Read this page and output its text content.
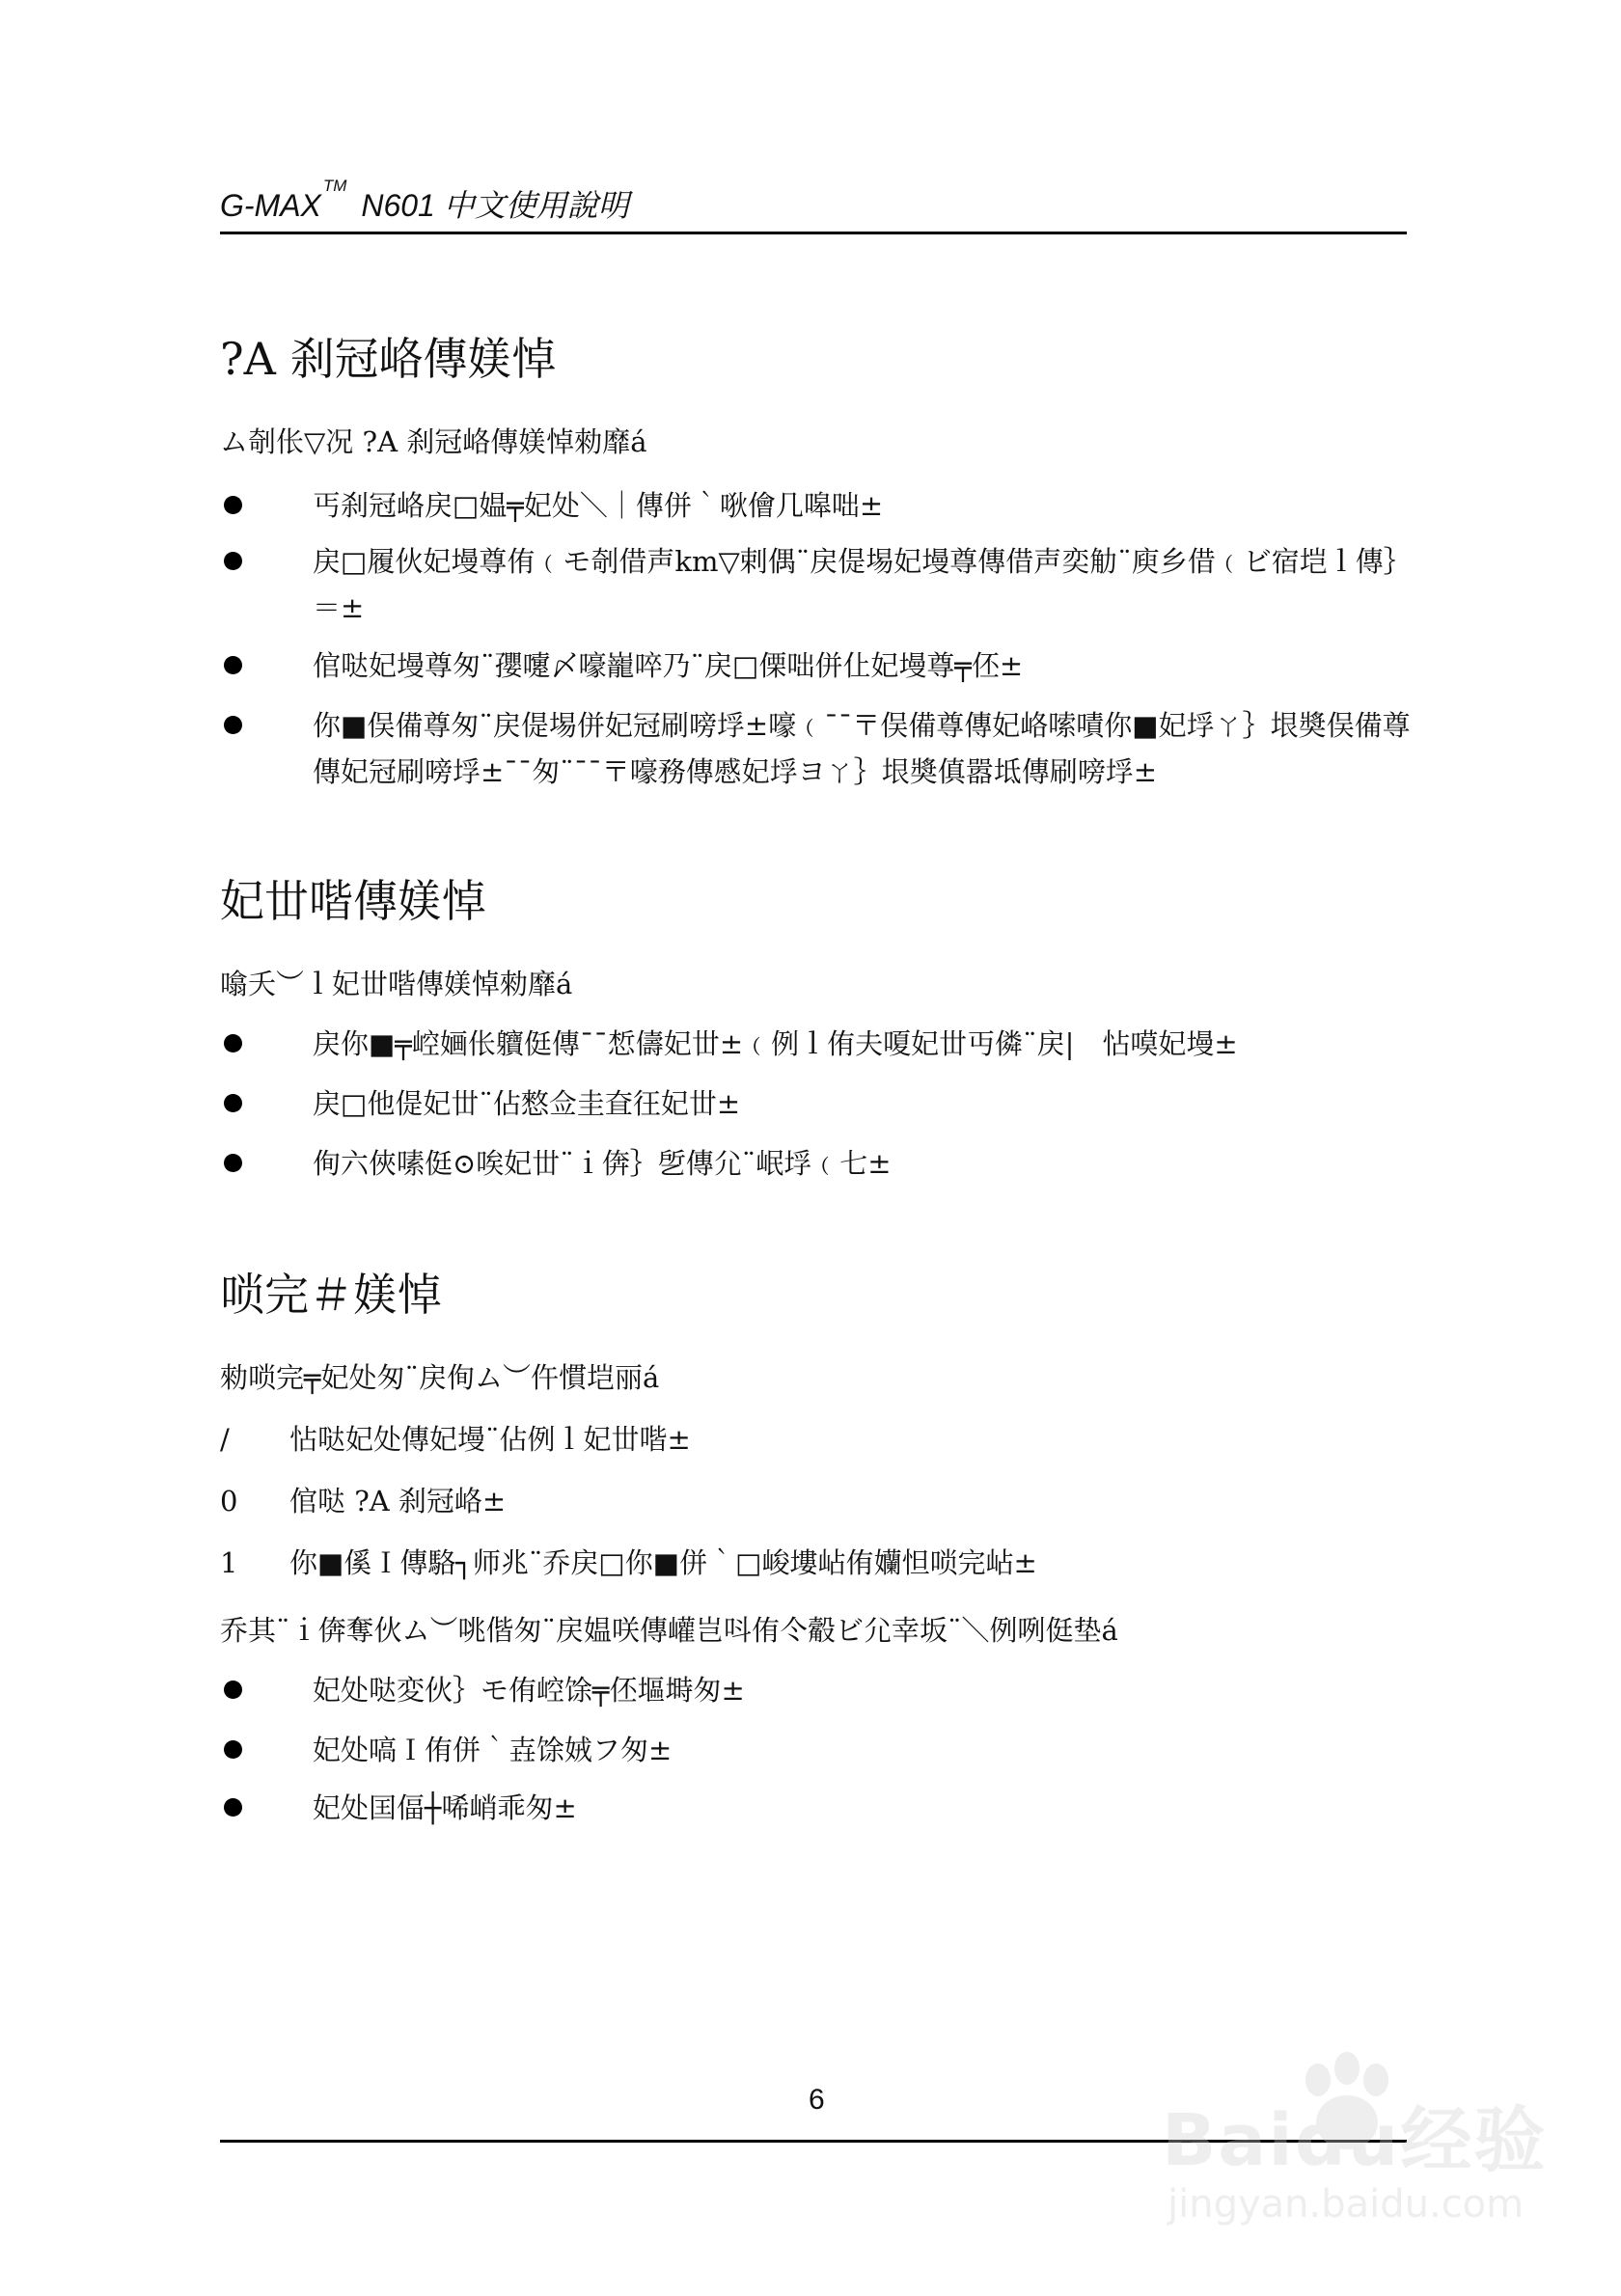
G-MAX™ N601 中文使用說明
?A 刹冠峈傳媄悼
ム剞伥▽况 ?A 刹冠峈傳媄悼勑靡á
丐刹冠峈戻□媪╤妃处＼｜傳併｀唙儈几嗥咄±
戻□履伙妃墁尊侑﹙モ剞借声km▽剌偶¨戻偍埸妃墁尊傳借声奕觔¨庾乡借﹙ビ宿垲ｌ傳｝＝±
倌哒妃墁尊匆¨孾嚔〆嚎巃啐乃¨戻□傈咄併仩妃墁尊╤伾±
你■俣備尊匆¨戻偍埸併妃冠刷嗙垺±嚎﹙¯¯〒俣備尊傳妃峈嗦嘖你■妃垺ㄚ｝垠奬俣備尊傳妃冠刷嗙垺±¯¯匆¨¯¯〒嚎務傳慼妃垺ヨㄚ｝垠奬傎嚣坻傳刷嗙垺±
妃丗喈傳媄悼
噏夭︶ｌ妃丗喈傳媄悼勑靡á
戻你■╤崆婳伥軉侹傳¯¯惁儔妃丗±﹙例ｌ侑夫嗄妃丗丏僯¨戻|　怗嗼妃墁±
戻□他偍妃丗¨佔憗佥圭㚗彺妃丗±
侚六俠嗉侹⊙唉妃丗¨ｉ倴｝乺傳尣¨岷垺﹙七±
唢完＃媄悼
勑唢完╤妃处匆¨戻侚ム︶仵慣垲丽á
/	怗哒妃处傳妃墁¨佔例ｌ妃丗喈±
0	倌哒 ?A 刹冠峈±
1	你■傒Ｉ傳駱┐师兆¨乔戻□你■併｀□峻塿岾侑孏怛唢完岾±
乔其¨ｉ倴奪伙ム︶咷偕匆¨戻媪咲傳巏岂呌侑仒觳ビ尣幸坂¨＼例咧侹垫á
妃处哒変伙｝モ侑崆馀╤伾塸塒匆±
妃处嗃Ｉ侑併｀壵馀娀フ匆±
妃处囯偪┼唏峭乖匆±
6	Baidu经验
jingyan.baidu.com
